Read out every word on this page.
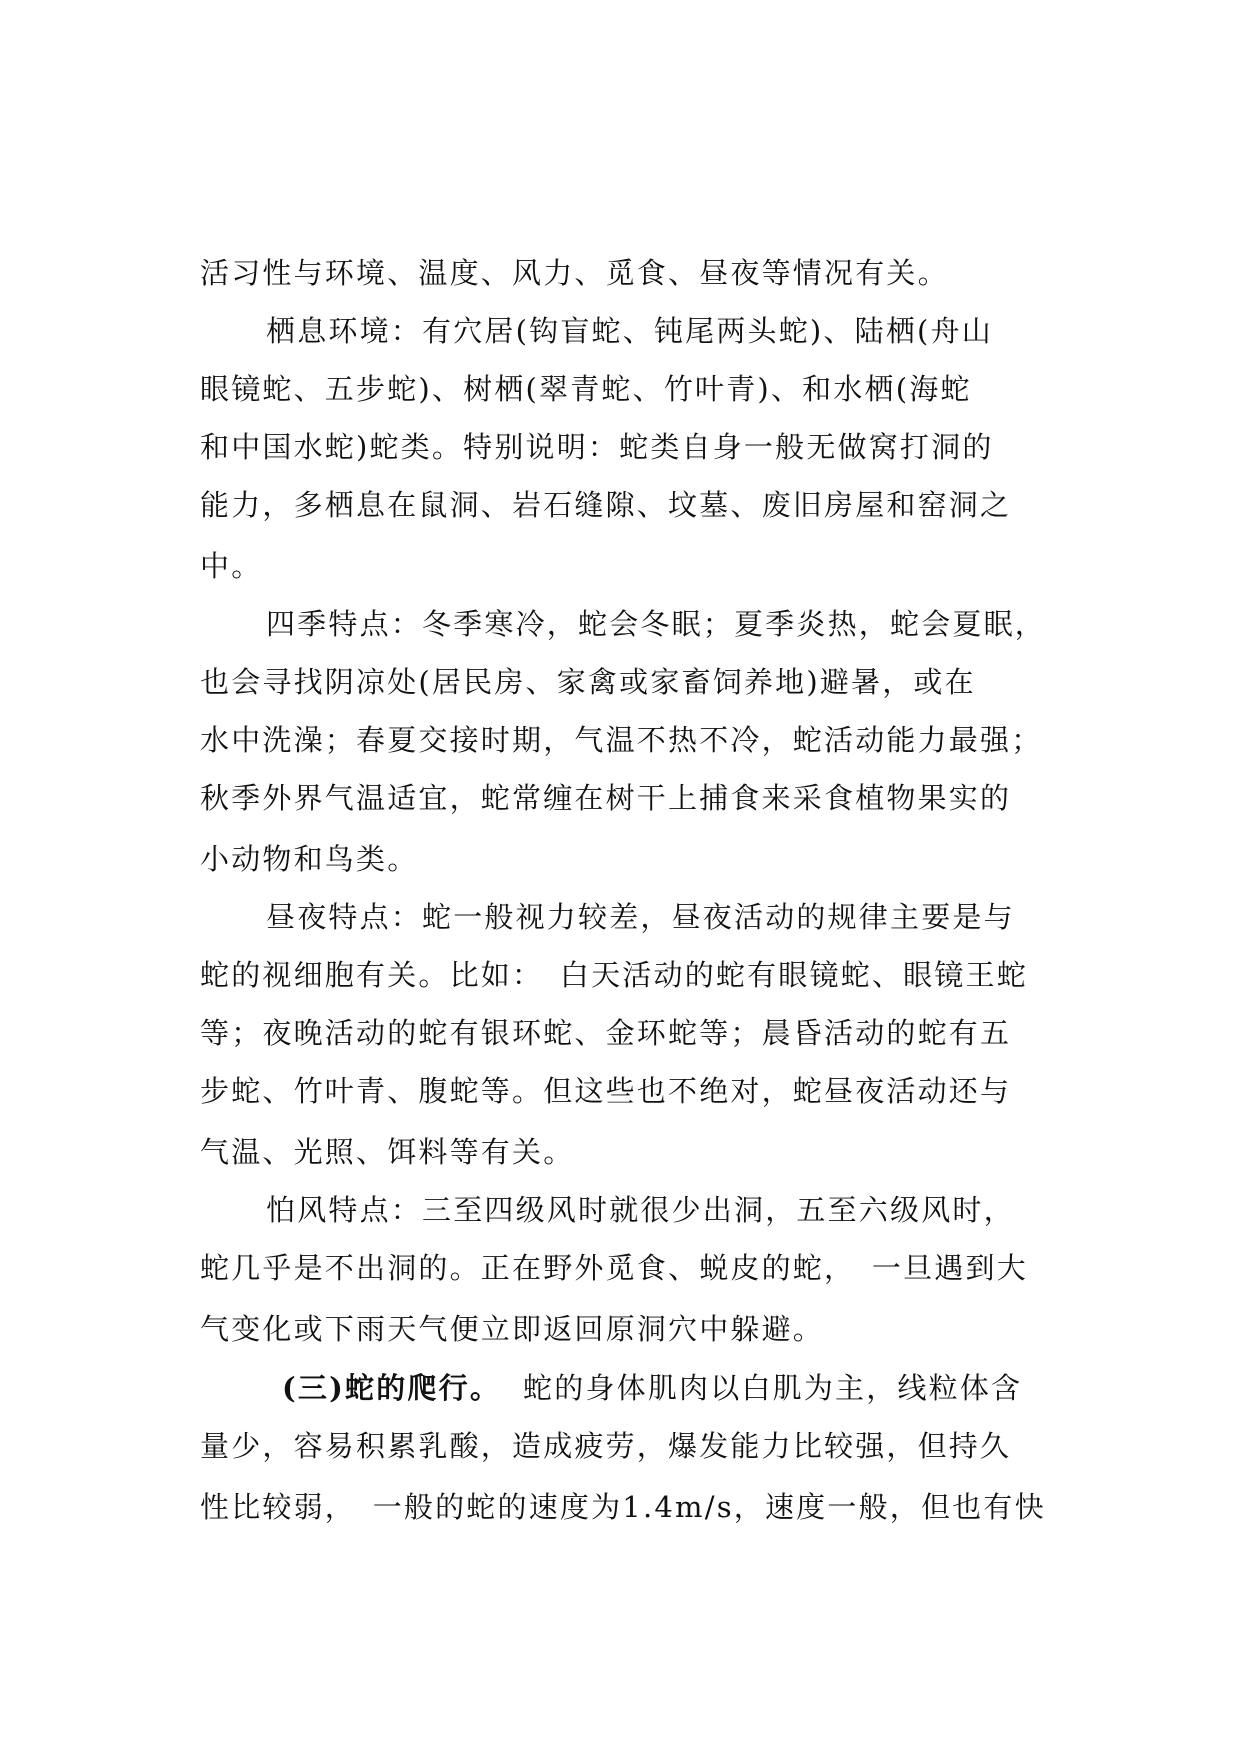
活习性与环境、温度、风力、觅食、昼夜等情况有关。
栖息环境：有穴居(钩盲蛇、钝尾两头蛇)、陆栖(舟山
眼镜蛇、五步蛇)、树栖(翠青蛇、竹叶青)、和水栖(海蛇
和中国水蛇)蛇类。特别说明：蛇类自身一般无做窝打洞的
能力，多栖息在鼠洞、岩石缝隙、坟墓、废旧房屋和窑洞之
中。
四季特点：冬季寒冷，蛇会冬眠；夏季炎热，蛇会夏眠，
也会寻找阴凉处(居民房、家禽或家畜饲养地)避暑，或在
水中洗澡；春夏交接时期，气温不热不冷，蛇活动能力最强；
秋季外界气温适宜，蛇常缠在树干上捕食来采食植物果实的
小动物和鸟类。
昼夜特点：蛇一般视力较差，昼夜活动的规律主要是与
蛇的视细胞有关。比如：　白天活动的蛇有眼镜蛇、眼镜王蛇
等；夜晚活动的蛇有银环蛇、金环蛇等；晨昏活动的蛇有五
步蛇、竹叶青、腹蛇等。但这些也不绝对，蛇昼夜活动还与
气温、光照、饵料等有关。
怕风特点：三至四级风时就很少出洞，五至六级风时，
蛇几乎是不出洞的。正在野外觅食、蜕皮的蛇，　一旦遇到大
气变化或下雨天气便立即返回原洞穴中躲避。
(三)蛇的爬行。 蛇的身体肌肉以白肌为主，线粒体含
量少，容易积累乳酸，造成疲劳，爆发能力比较强，但持久
性比较弱，　一般的蛇的速度为1.4m/s，速度一般，但也有快
